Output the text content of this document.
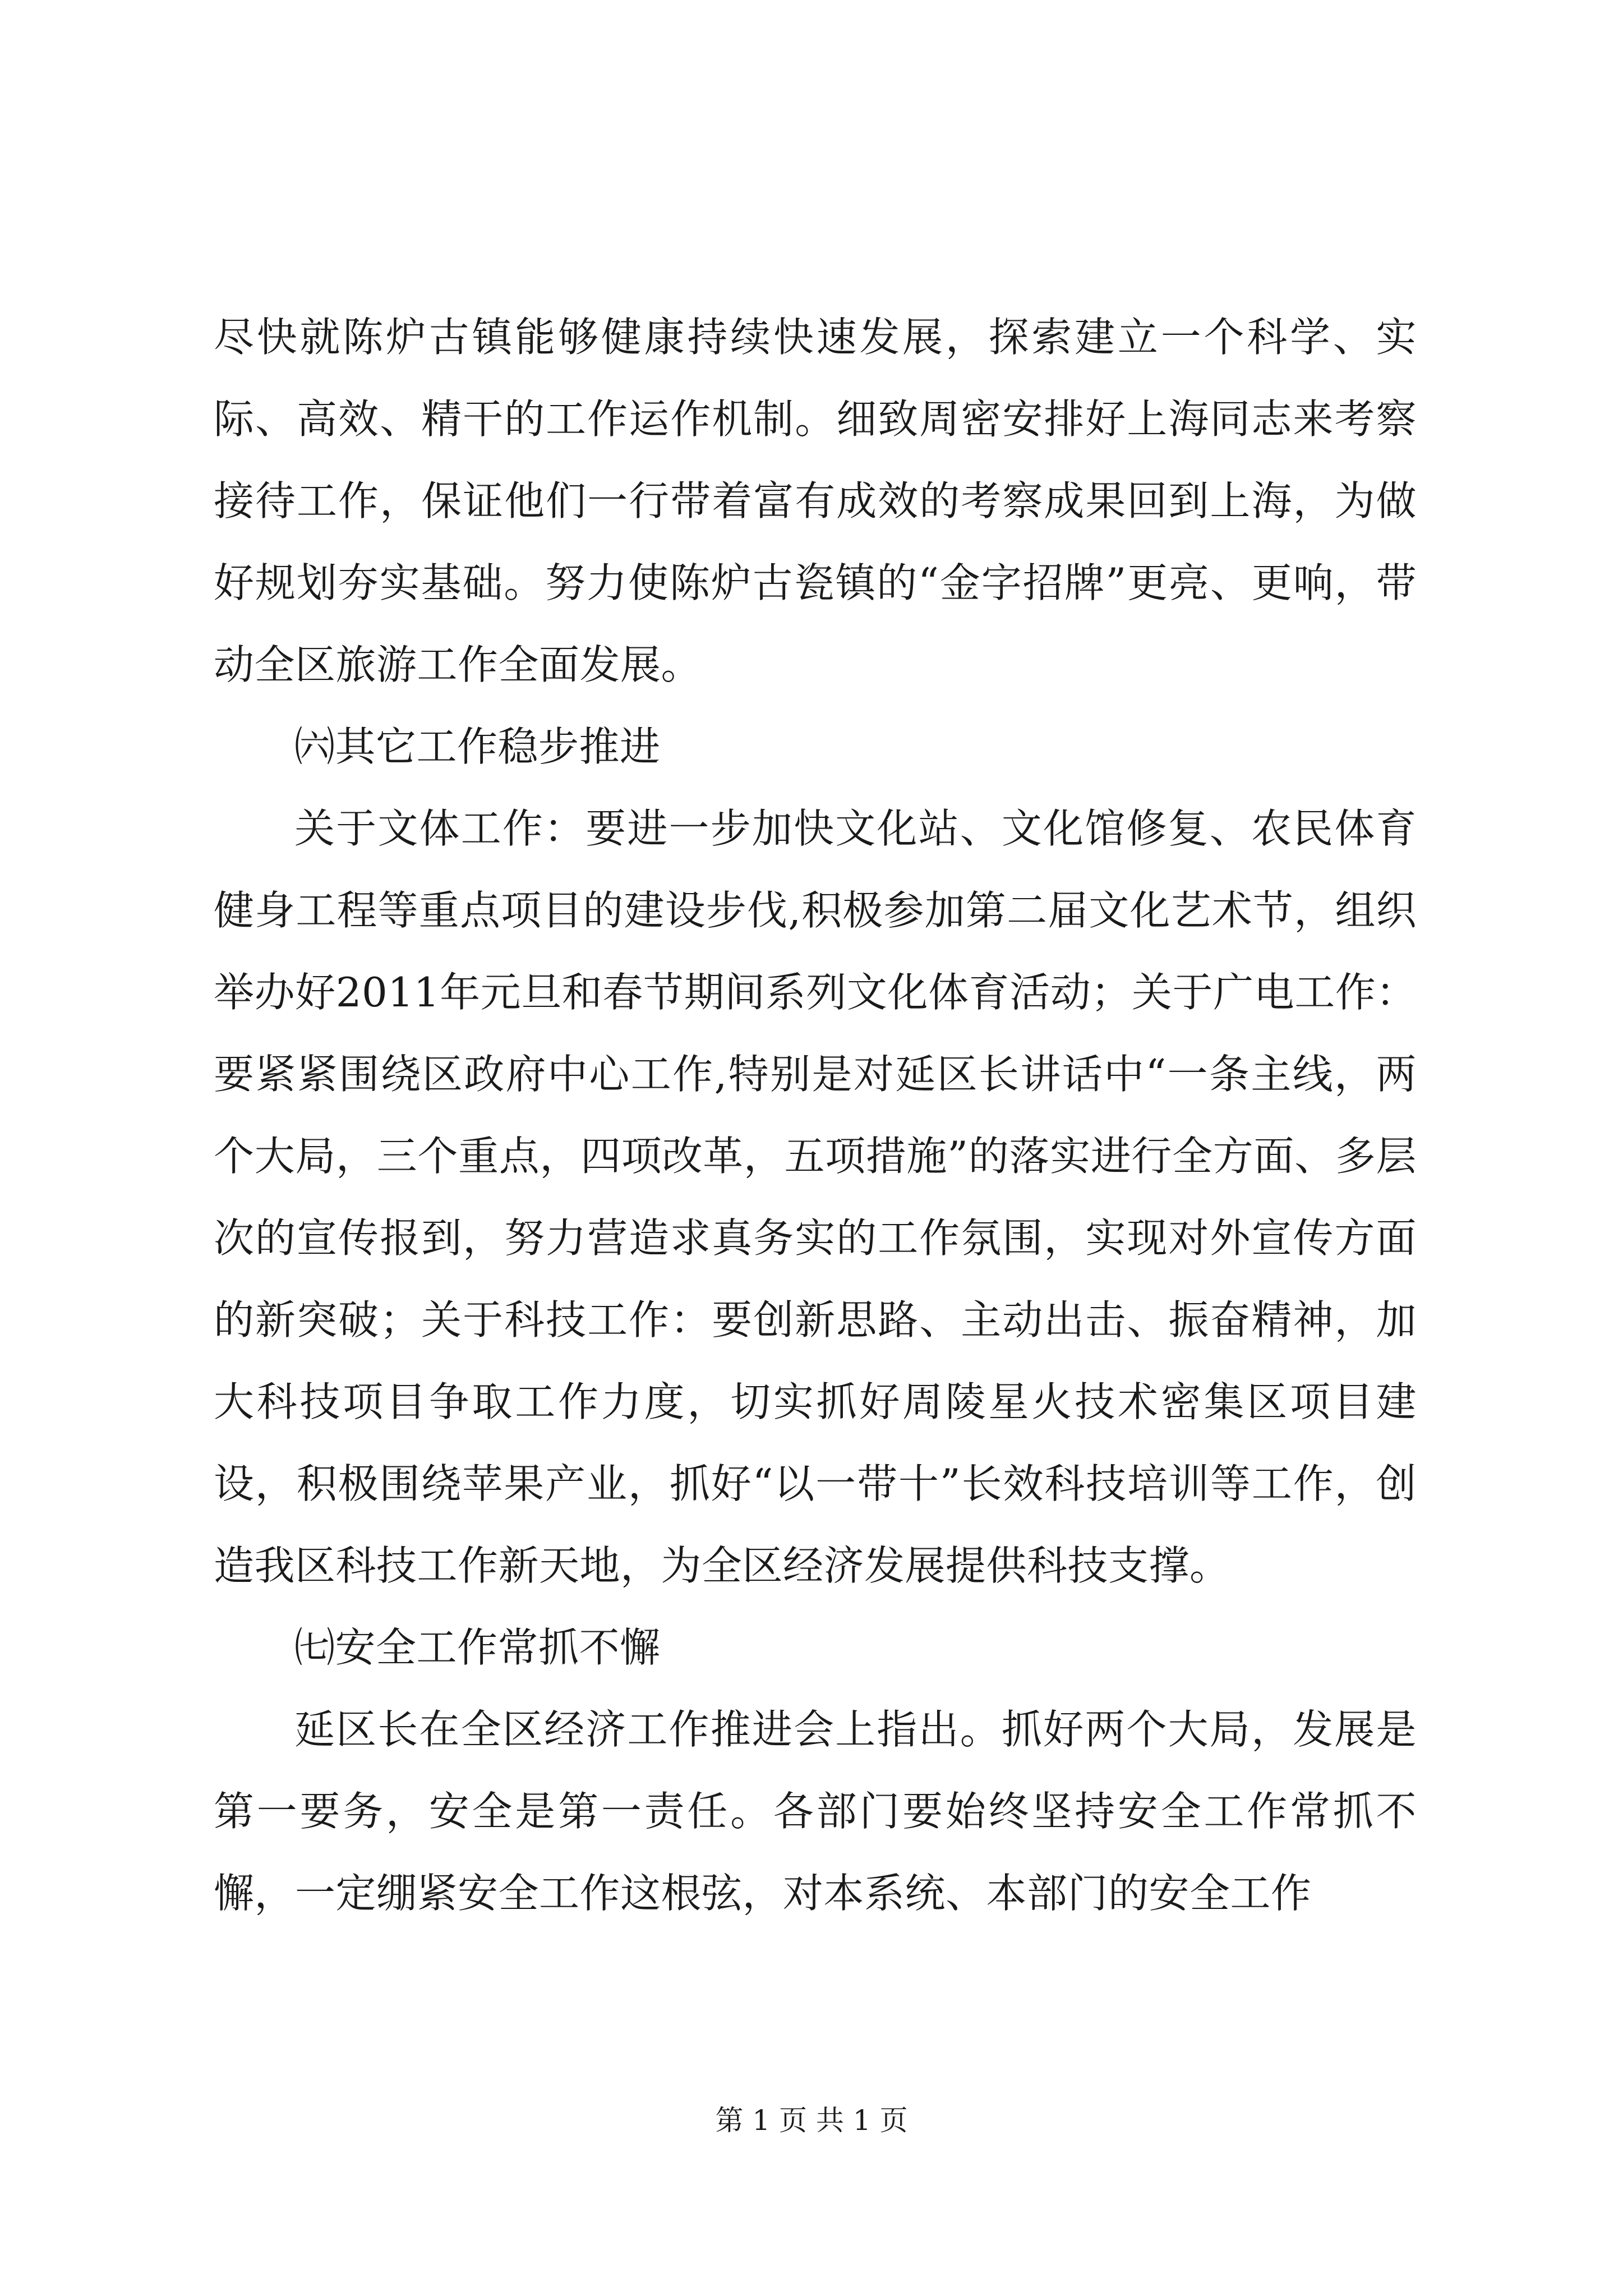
尽快就陈炉古镇能够健康持续快速发展，探索建立一个科学、实际、高效、精干的工作运作机制。细致周密安排好上海同志来考察接待工作，保证他们一行带着富有成效的考察成果回到上海，为做好规划夯实基础。努力使陈炉古瓷镇的“金字招牌”更亮、更响，带动全区旅游工作全面发展。

㈥其它工作稳步推进

关于文体工作：要进一步加快文化站、文化馆修复、农民体育健身工程等重点项目的建设步伐,积极参加第二届文化艺术节，组织举办好2011年元旦和春节期间系列文化体育活动；关于广电工作：要紧紧围绕区政府中心工作,特别是对延区长讲话中“一条主线，两个大局，三个重点，四项改革，五项措施”的落实进行全方面、多层次的宣传报到，努力营造求真务实的工作氛围，实现对外宣传方面的新突破；关于科技工作：要创新思路、主动出击、振奋精神，加大科技项目争取工作力度，切实抓好周陵星火技术密集区项目建设，积极围绕苹果产业，抓好“以一带十”长效科技培训等工作，创造我区科技工作新天地，为全区经济发展提供科技支撑。

㈦安全工作常抓不懈

延区长在全区经济工作推进会上指出。抓好两个大局，发展是第一要务，安全是第一责任。各部门要始终坚持安全工作常抓不懈，一定绷紧安全工作这根弦，对本系统、本部门的安全工作

第 1 页 共 1 页
